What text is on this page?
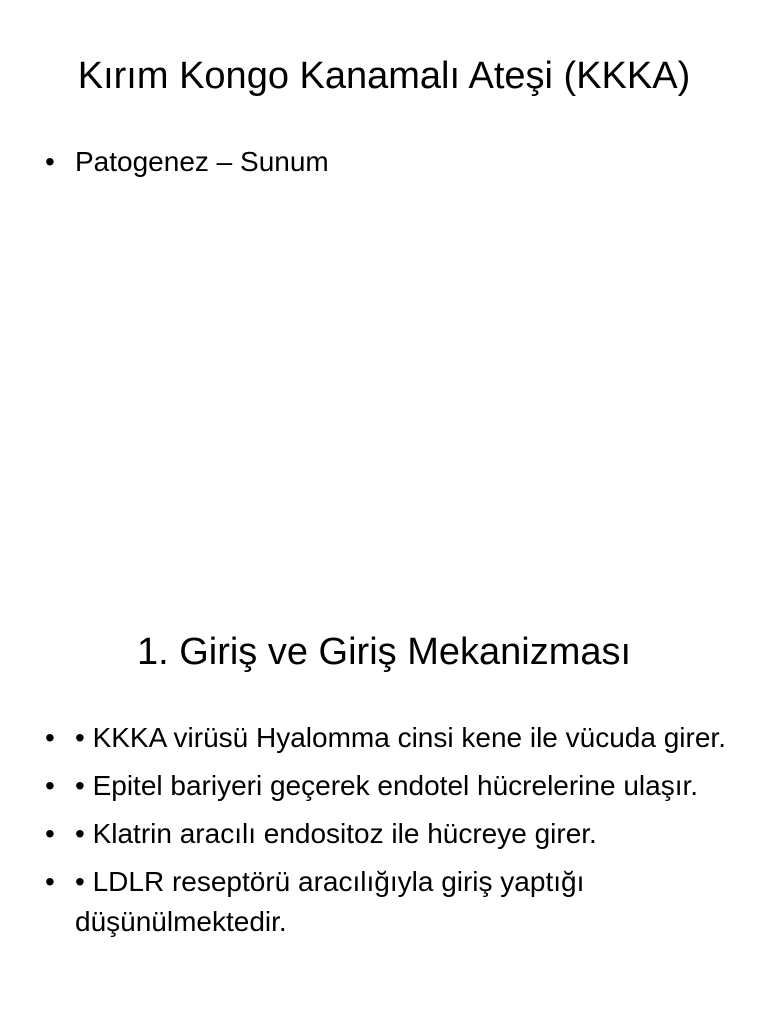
Kırım Kongo Kanamalı Ateşi (KKKA)
• Patogenez – Sunum
1. Giriş ve Giriş Mekanizması
• • KKKA virüsü Hyalomma cinsi kene ile vücuda girer.
• • Epitel bariyeri geçerek endotel hücrelerine ulaşır.
• • Klatrin aracılı endositoz ile hücreye girer.
• • LDLR reseptörü aracılığıyla giriş yaptığı düşünülmektedir.
